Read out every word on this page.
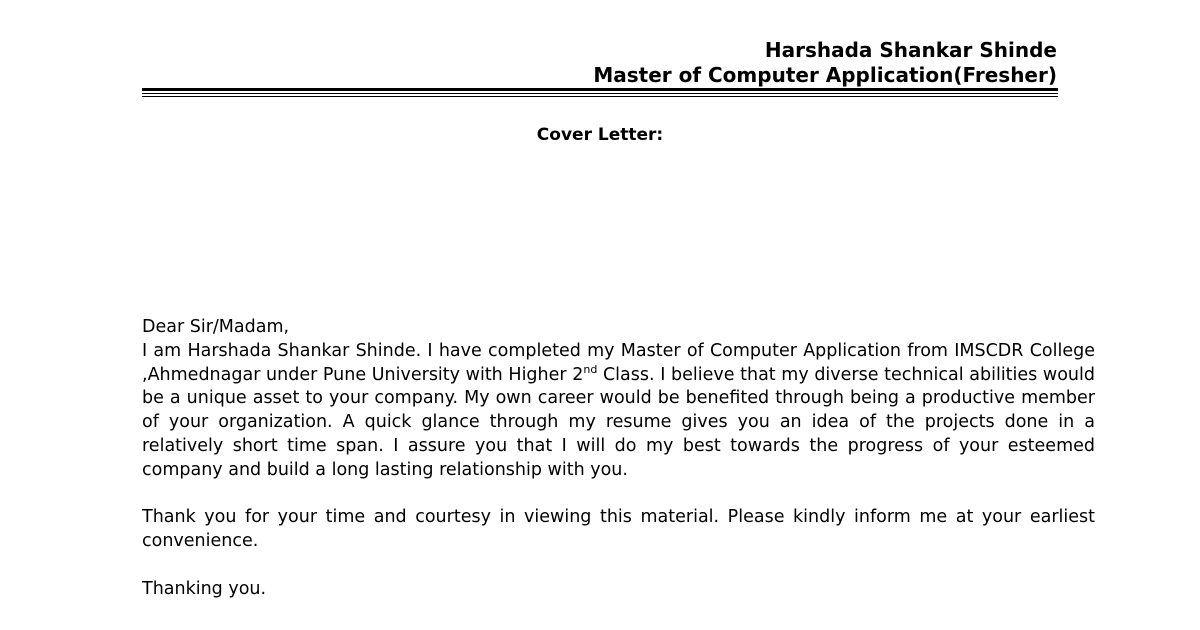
Harshada Shankar Shinde
Master of Computer Application(Fresher)
Cover Letter:

Dear Sir/Madam,

I am Harshada Shankar Shinde. I have completed my Master of Computer Application from IMSCDR College ,Ahmednagar under Pune University with Higher 2nd Class. I believe that my diverse technical abilities would be a unique asset to your company. My own career would be benefited through being a productive member of your organization. A quick glance through my resume gives you an idea of the projects done in a relatively short time span. I assure you that I will do my best towards the progress of your esteemed company and build a long lasting relationship with you.

Thank you for your time and courtesy in viewing this material. Please kindly inform me at your earliest convenience.

Thanking you.
